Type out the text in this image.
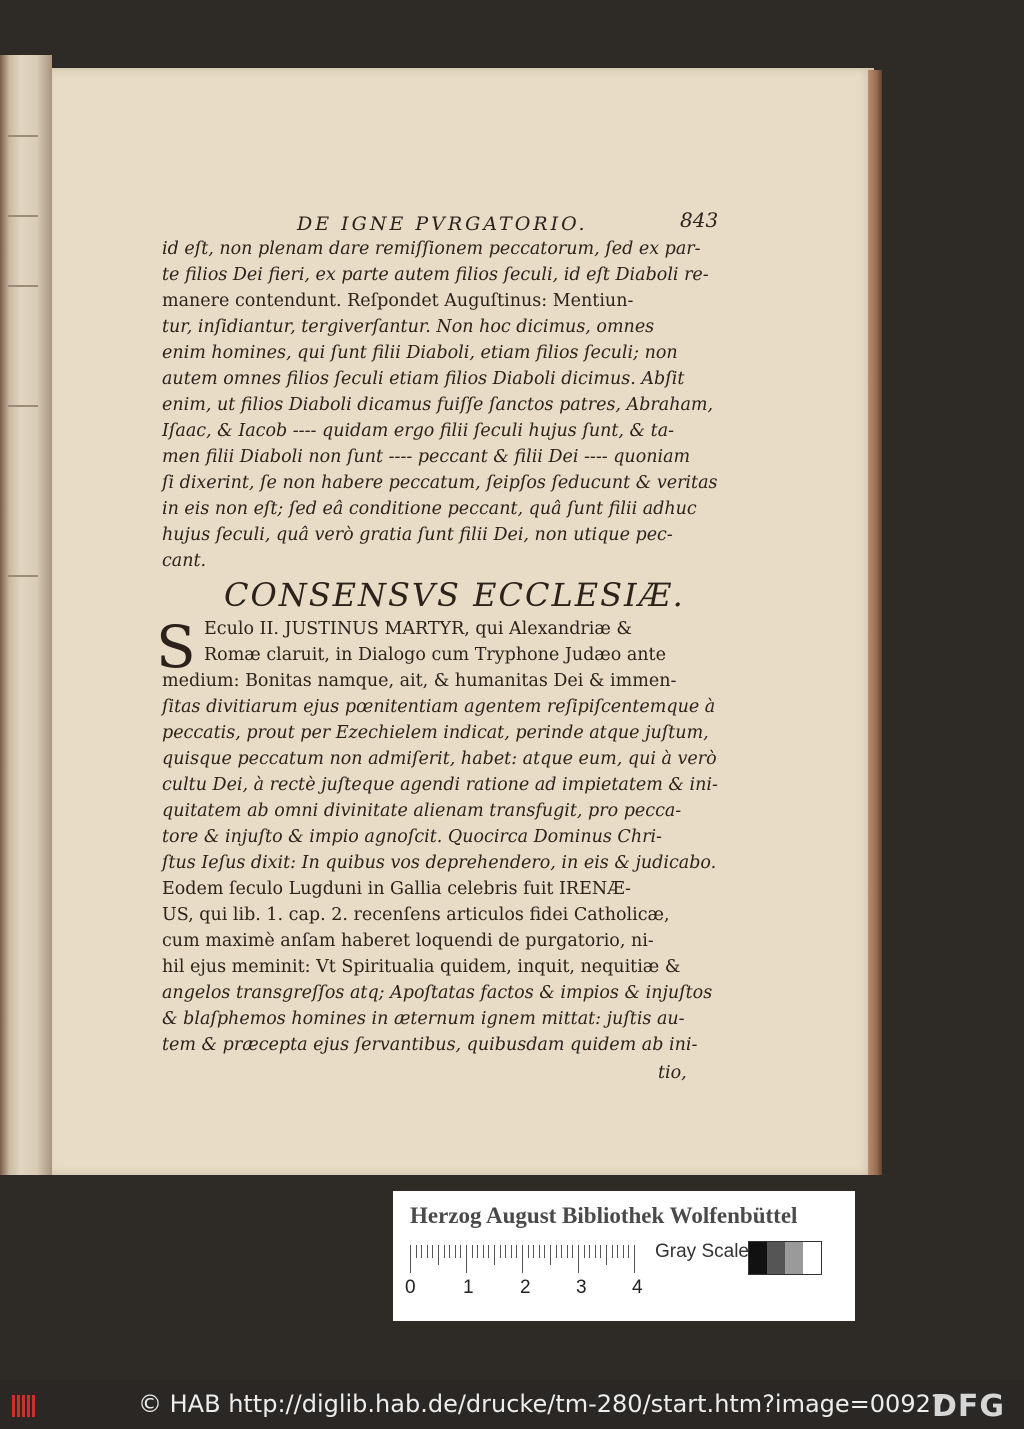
DE IGNE PVRGATORIO.	843
id eſt, non plenam dare remiſſionem peccatorum, ſed ex par-
te filios Dei fieri, ex parte autem filios ſeculi, id eſt Diaboli re-
manere contendunt. Reſpondet Auguſtinus: Mentiun-
tur, inſidiantur, tergiverſantur. Non hoc dicimus, omnes
enim homines, qui ſunt filii Diaboli, etiam filios ſeculi; non
autem omnes filios ſeculi etiam filios Diaboli dicimus. Abſit
enim, ut filios Diaboli dicamus fuiſſe ſanctos patres, Abraham,
Iſaac, & Iacob ---- quidam ergo filii ſeculi hujus ſunt, & ta-
men filii Diaboli non ſunt ---- peccant & filii Dei ---- quoniam
ſi dixerint, ſe non habere peccatum, ſeipſos ſeducunt & veritas
in eis non eſt; ſed eâ conditione peccant, quâ ſunt filii adhuc
hujus ſeculi, quâ verò gratia ſunt filii Dei, non utique pec-
cant.
CONSENSVS ECCLESIÆ.
S Eculo II. JUSTINUS MARTYR, qui Alexandriæ &
Romæ claruit, in Dialogo cum Tryphone Judæo ante
medium: Bonitas namque, ait, & humanitas Dei & immen-
ſitas divitiarum ejus pœnitentiam agentem reſipiſcentemque à
peccatis, prout per Ezechielem indicat, perinde atque juſtum,
quisque peccatum non admiſerit, habet: atque eum, qui à verò
cultu Dei, à rectè juſteque agendi ratione ad impietatem & ini-
quitatem ab omni divinitate alienam transfugit, pro pecca-
tore & injuſto & impio agnoſcit. Quocirca Dominus Chri-
ſtus Ieſus dixit: In quibus vos deprehendero, in eis & judicabo.
Eodem ſeculo Lugduni in Gallia celebris fuit IRENÆ-
US, qui lib. 1. cap. 2. recenſens articulos fidei Catholicæ,
cum maximè anſam haberet loquendi de purgatorio, ni-
hil ejus meminit: Vt Spiritualia quidem, inquit, nequitiæ &
angelos transgreſſos atq; Apoſtatas factos & impios & injuſtos
& blaſphemos homines in æternum ignem mittat: juſtis au-
tem & præcepta ejus ſervantibus, quibusdam quidem ab ini-
tio,
Herzog August Bibliothek Wolfenbüttel
0 1 2 3 4
Gray Scale
© HAB http://diglib.hab.de/drucke/tm-280/start.htm?image=00927
DFG
